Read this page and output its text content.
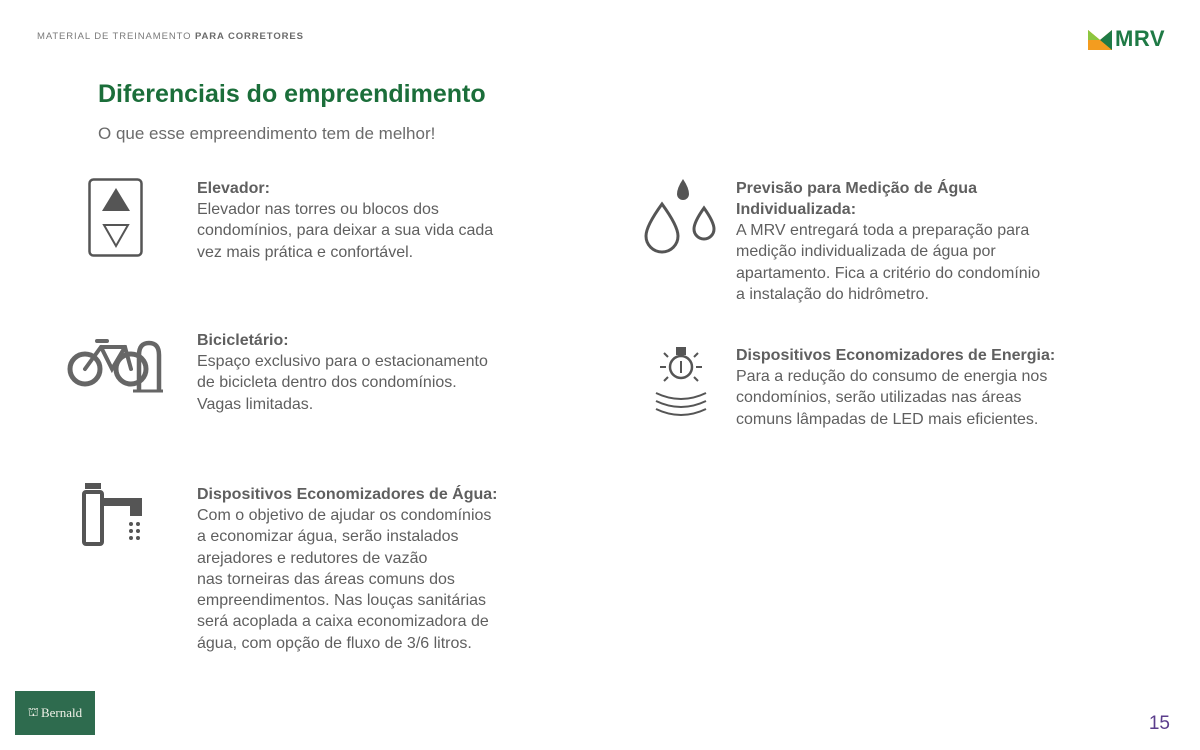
MATERIAL DE TREINAMENTO PARA CORRETORES	MRV
Diferenciais do empreendimento
O que esse empreendimento tem de melhor!
Elevador:
Elevador nas torres ou blocos dos
condomínios, para deixar a sua vida cada
vez mais prática e confortável.
Bicicletário:
Espaço exclusivo para o estacionamento
de bicicleta dentro dos condomínios.
Vagas limitadas.
Dispositivos Economizadores de Água:
Com o objetivo de ajudar os condomínios
a economizar água, serão instalados
arejadores e redutores de vazão
nas torneiras das áreas comuns dos
empreendimentos. Nas louças sanitárias
será acoplada a caixa economizadora de
água, com opção de fluxo de 3/6 litros.
Previsão para Medição de Água
Individualizada:
A MRV entregará toda a preparação para
medição individualizada de água por
apartamento. Fica a critério do condomínio
a instalação do hidrômetro.
Dispositivos Economizadores de Energia:
Para a redução do consumo de energia nos
condomínios, serão utilizadas nas áreas
comuns lâmpadas de LED mais eficientes.
⛫ Bernald
15
